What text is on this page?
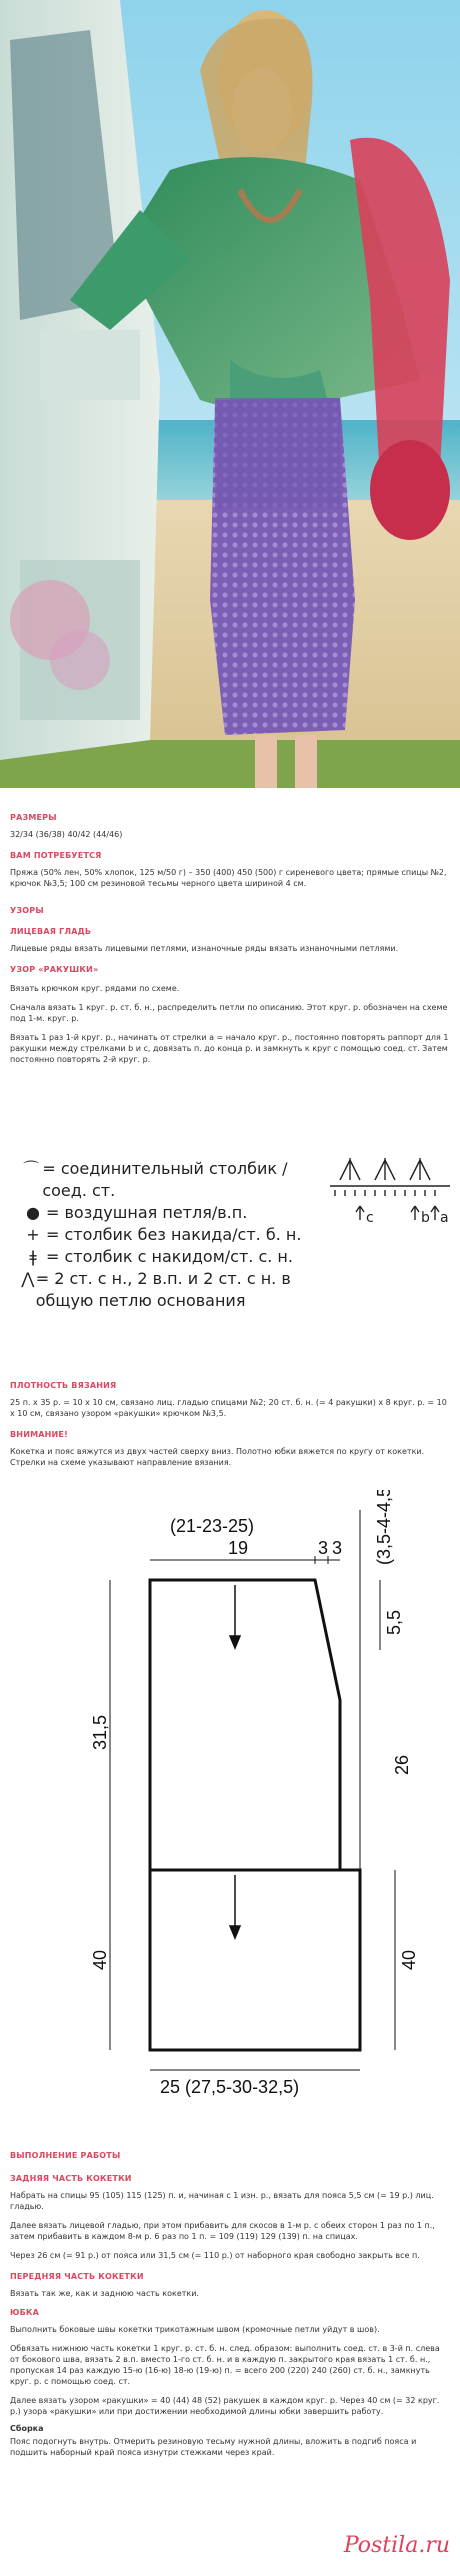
РАЗМЕРЫ
32/34 (36/38) 40/42 (44/46)
ВАМ ПОТРЕБУЕТСЯ
Пряжа (50% лен, 50% хлопок, 125 м/50 г) – 350 (400) 450 (500) г сиреневого цвета; прямые спицы №2, крючок №3,5; 100 см резиновой тесьмы черного цвета шириной 4 см.
УЗОРЫ
ЛИЦЕВАЯ ГЛАДЬ
Лицевые ряды вязать лицевыми петлями, изнаночные ряды вязать изнаночными петлями.
УЗОР «РАКУШКИ»
Вязать крючком круг. рядами по схеме.
Сначала вязать 1 круг. р. ст. б. н., распределить петли по описанию. Этот круг. р. обозначен на схеме под 1-м. круг. р.
Вязать 1 раз 1-й круг. р., начинать от стрелки а = начало круг. р., постоянно повторять раппорт для 1 ракушки между стрелками b и c, довязать п. до конца р. и замкнуть к круг с помощью соед. ст. Затем постоянно повторять 2-й круг. р.
⌒ = соединительный столбик / соед. ст.
● = воздушная петля/в.п.
+ = столбик без накида/ст. б. н.
ǂ = столбик с накидом/ст. с. н.
⋀ = 2 ст. с н., 2 в.п. и 2 ст. с н. в общую петлю основания
c	b a
ПЛОТНОСТЬ ВЯЗАНИЯ
25 п. x 35 р. = 10 x 10 см, связано лиц. гладью спицами №2; 20 ст. б. н. (= 4 ракушки) x 8 круг. р. = 10 x 10 см, связано узором «ракушки» крючком №3,5.
ВНИМАНИЕ!
Кокетка и пояс вяжутся из двух частей сверху вниз. Полотно юбки вяжется по кругу от кокетки. Стрелки на схеме указывают направление вязания.
(21-23-25)
19	3 3 (3,5-4-4,5)
5,5
26
31,5
40	40
25 (27,5-30-32,5)
ВЫПОЛНЕНИЕ РАБОТЫ
ЗАДНЯЯ ЧАСТЬ КОКЕТКИ
Набрать на спицы 95 (105) 115 (125) п. и, начиная с 1 изн. р., вязать для пояса 5,5 см (= 19 р.) лиц. гладью.
Далее вязать лицевой гладью, при этом прибавить для скосов в 1-м р. с обеих сторон 1 раз по 1 п., затем прибавить в каждом 8-м р. 6 раз по 1 п. = 109 (119) 129 (139) п. на спицах.
Через 26 см (= 91 р.) от пояса или 31,5 см (= 110 р.) от наборного края свободно закрыть все п.
ПЕРЕДНЯЯ ЧАСТЬ КОКЕТКИ
Вязать так же, как и заднюю часть кокетки.
ЮБКА
Выполнить боковые швы кокетки трикотажным швом (кромочные петли уйдут в шов).
Обвязать нижнюю часть кокетки 1 круг. р. ст. б. н. след. образом: выполнить соед. ст. в 3-й п. слева от бокового шва, вязать 2 в.п. вместо 1-го ст. б. н. и в каждую п. закрытого края вязать 1 ст. б. н., пропуская 14 раз каждую 15-ю (16-ю) 18-ю (19-ю) п. = всего 200 (220) 240 (260) ст. б. н., замкнуть круг. р. с помощью соед. ст.
Далее вязать узором «ракушки» = 40 (44) 48 (52) ракушек в каждом круг. р. Через 40 см (= 32 круг. р.) узора «ракушки» или при достижении необходимой длины юбки завершить работу.
Сборка
Пояс подогнуть внутрь. Отмерить резиновую тесьму нужной длины, вложить в подгиб пояса и подшить наборный край пояса изнутри стежками через край.
Postila.ru
